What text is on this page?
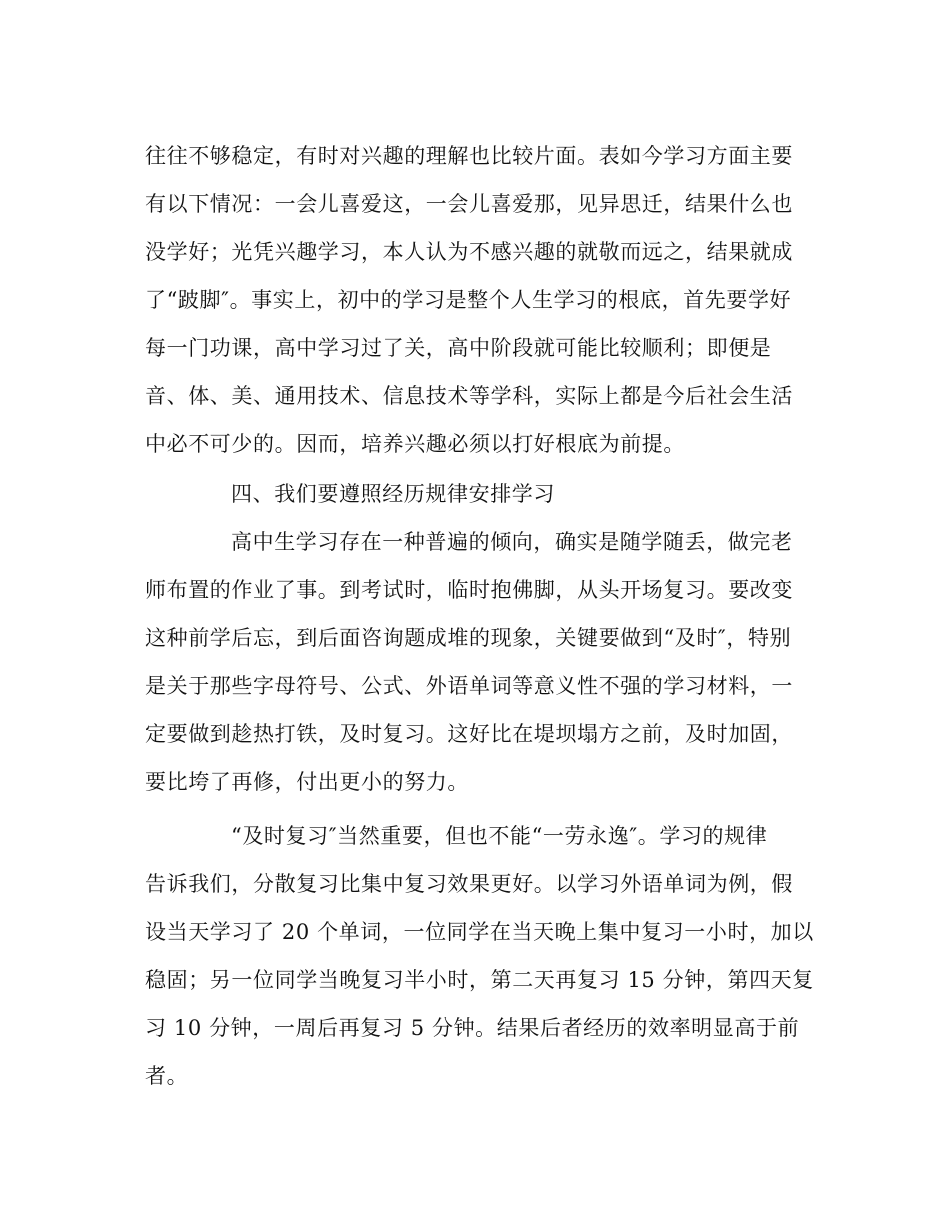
往往不够稳定，有时对兴趣的理解也比较片面。表如今学习方面主要
有以下情况：一会儿喜爱这，一会儿喜爱那，见异思迁，结果什么也
没学好；光凭兴趣学习，本人认为不感兴趣的就敬而远之，结果就成
了“跛脚″。事实上，初中的学习是整个人生学习的根底，首先要学好
每一门功课，高中学习过了关，高中阶段就可能比较顺利；即便是
音、体、美、通用技术、信息技术等学科，实际上都是今后社会生活
中必不可少的。因而，培养兴趣必须以打好根底为前提。
四、我们要遵照经历规律安排学习
高中生学习存在一种普遍的倾向，确实是随学随丢，做完老
师布置的作业了事。到考试时，临时抱佛脚，从头开场复习。要改变
这种前学后忘，到后面咨询题成堆的现象，关键要做到“及时″，特别
是关于那些字母符号、公式、外语单词等意义性不强的学习材料，一
定要做到趁热打铁，及时复习。这好比在堤坝塌方之前，及时加固，
要比垮了再修，付出更小的努力。
“及时复习″当然重要，但也不能“一劳永逸″。学习的规律
告诉我们，分散复习比集中复习效果更好。以学习外语单词为例，假
设当天学习了 20 个单词，一位同学在当天晚上集中复习一小时，加以
稳固；另一位同学当晚复习半小时，第二天再复习 15 分钟，第四天复
习 10 分钟，一周后再复习 5 分钟。结果后者经历的效率明显高于前
者。
